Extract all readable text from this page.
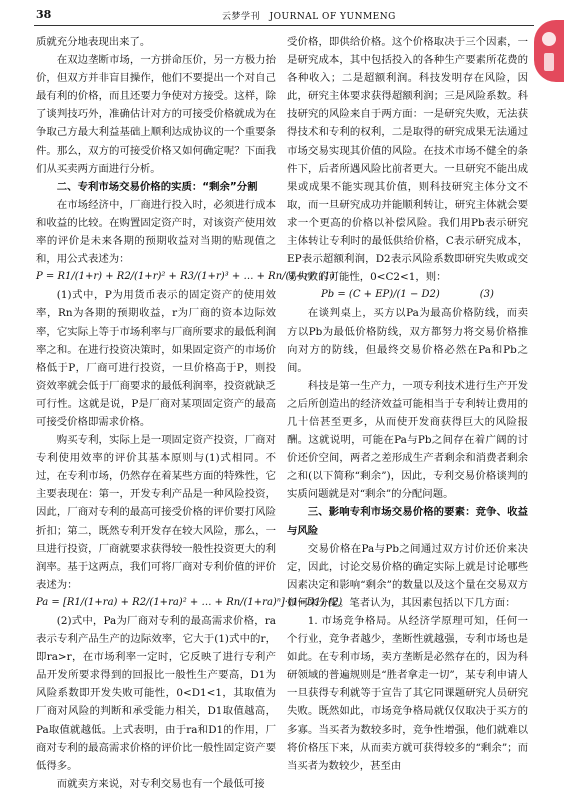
38	云梦学刊　JOURNAL OF YUNMENG

质就充分地表现出来了。

在双边垄断市场，一方拼命压价，另一方极力抬价，但双方并非盲目操作，他们不要提出一个对自己最有利的价格，而且还要力争使对方接受。这样，除了谈判技巧外，准确估计对方的可接受价格就成为在争取己方最大利益基础上顺利达成协议的一个重要条件。那么，双方的可接受价格又如何确定呢？下面我们从买卖两方面进行分析。

二、专利市场交易价格的实质：“剩余”分割

在市场经济中，厂商进行投入时，必须进行成本和收益的比较。在购置固定资产时，对该资产使用效率的评价是未来各期的预期收益对当期的贴现值之和，用公式表述为：

P = R1/(1+r) + R2/(1+r)² + R3/(1+r)³ + … + Rn/(1+r)ⁿ (1)

(1)式中，P为用货币表示的固定资产的使用效率，Rn为各期的预期收益，r为厂商的资本边际效率，它实际上等于市场利率与厂商所要求的最低利润率之和。在进行投资决策时，如果固定资产的市场价格低于P，厂商可进行投资，一旦价格高于P，则投资效率就会低于厂商要求的最低利润率，投资就缺乏可行性。这就是说，P是厂商对某项固定资产的最高可接受价格即需求价格。

购买专利，实际上是一项固定资产投资，厂商对专利使用效率的评价其基本原则与(1)式相同。不过，在专利市场，仍然存在着某些方面的特殊性，它主要表现在：第一，开发专利产品是一种风险投资，因此，厂商对专利的最高可接受价格的评价要打风险折扣；第二，既然专利开发存在较大风险，那么，一旦进行投资，厂商就要求获得较一般性投资更大的利润率。基于这两点，我们可将厂商对专利价值的评价表述为：

Pa = [R1/(1+ra) + R2/(1+ra)² + … + Rn/(1+ra)ⁿ]·(1−D1) (2)

(2)式中，Pa为厂商对专利的最高需求价格，ra表示专利产品生产的边际效率，它大于(1)式中的r，即ra>r，在市场利率一定时，它反映了进行专利产品开发所要求得到的回报比一般性生产要高，D1为风险系数即开发失败可能性，0<D1<1，其取值为厂商对风险的判断和承受能力相关，D1取值越高，Pa取值就越低。上式表明，由于ra和D1的作用，厂商对专利的最高需求价格的评价比一般性固定资产要低得多。

而就卖方来说，对专利交易也有一个最低可接

受价格，即供给价格。这个价格取决于三个因素，一是研究成本，其中包括投入的各种生产要素所花费的各种收入；二是超额利润。科技发明存在风险，因此，研究主体要求获得超额利润；三是风险系数。科技研究的风险来自于两方面：一是研究失败，无法获得技术和专利的权利，二是取得的研究成果无法通过市场交易实现其价值的风险。在技术市场不健全的条件下，后者所遇风险比前者更大。一旦研究不能出成果或成果不能实现其价值，则科技研究主体分文不取，而一旦研究成功并能顺利转让，研究主体就会要求一个更高的价格以补偿风险。我们用Pb表示研究主体转让专利时的最低供给价格，C表示研究成本，EP表示超额利润，D2表示风险系数即研究失败或交易失败的可能性，0<C2<1，则：

Pb = (C + EP)/(1 − D2)　　　　(3)

在谈判桌上，买方以Pa为最高价格防线，而卖方以Pb为最低价格防线，双方都努力将交易价格推向对方的防线，但最终交易价格必然在Pa和Pb之间。

科技是第一生产力，一项专利技术进行生产开发之后所创造出的经济效益可能相当于专利转让费用的几十倍甚至更多，从而使开发商获得巨大的风险报酬。这就说明，可能在Pa与Pb之间存在着广阔的讨价还价空间，两者之差形成生产者剩余和消费者剩余之和(以下简称“剩余”)，因此，专利交易价格谈判的实质问题就是对“剩余”的分配问题。

三、影响专利市场交易价格的要素：竞争、收益与风险

交易价格在Pa与Pb之间通过双方讨价还价来决定，因此，讨论交易价格的确定实际上就是讨论哪些因素决定和影响“剩余”的数量以及这个量在交易双方如何来分配。笔者认为，其因素包括以下几方面：

1. 市场竞争格局。从经济学原理可知，任何一个行业，竞争者越少，垄断性就越强，专利市场也是如此。在专利市场，卖方垄断是必然存在的，因为科研领域的普遍规则是“胜者拿走一切”，某专利申请人一旦获得专利就等于宣告了其它同课题研究人员研究失败。既然如此，市场竞争格局就仅仅取决于买方的多寡。当买者为数较多时，竞争性增强，他们就难以将价格压下来，从而卖方就可获得较多的“剩余”；而当买者为数较少，甚至由
